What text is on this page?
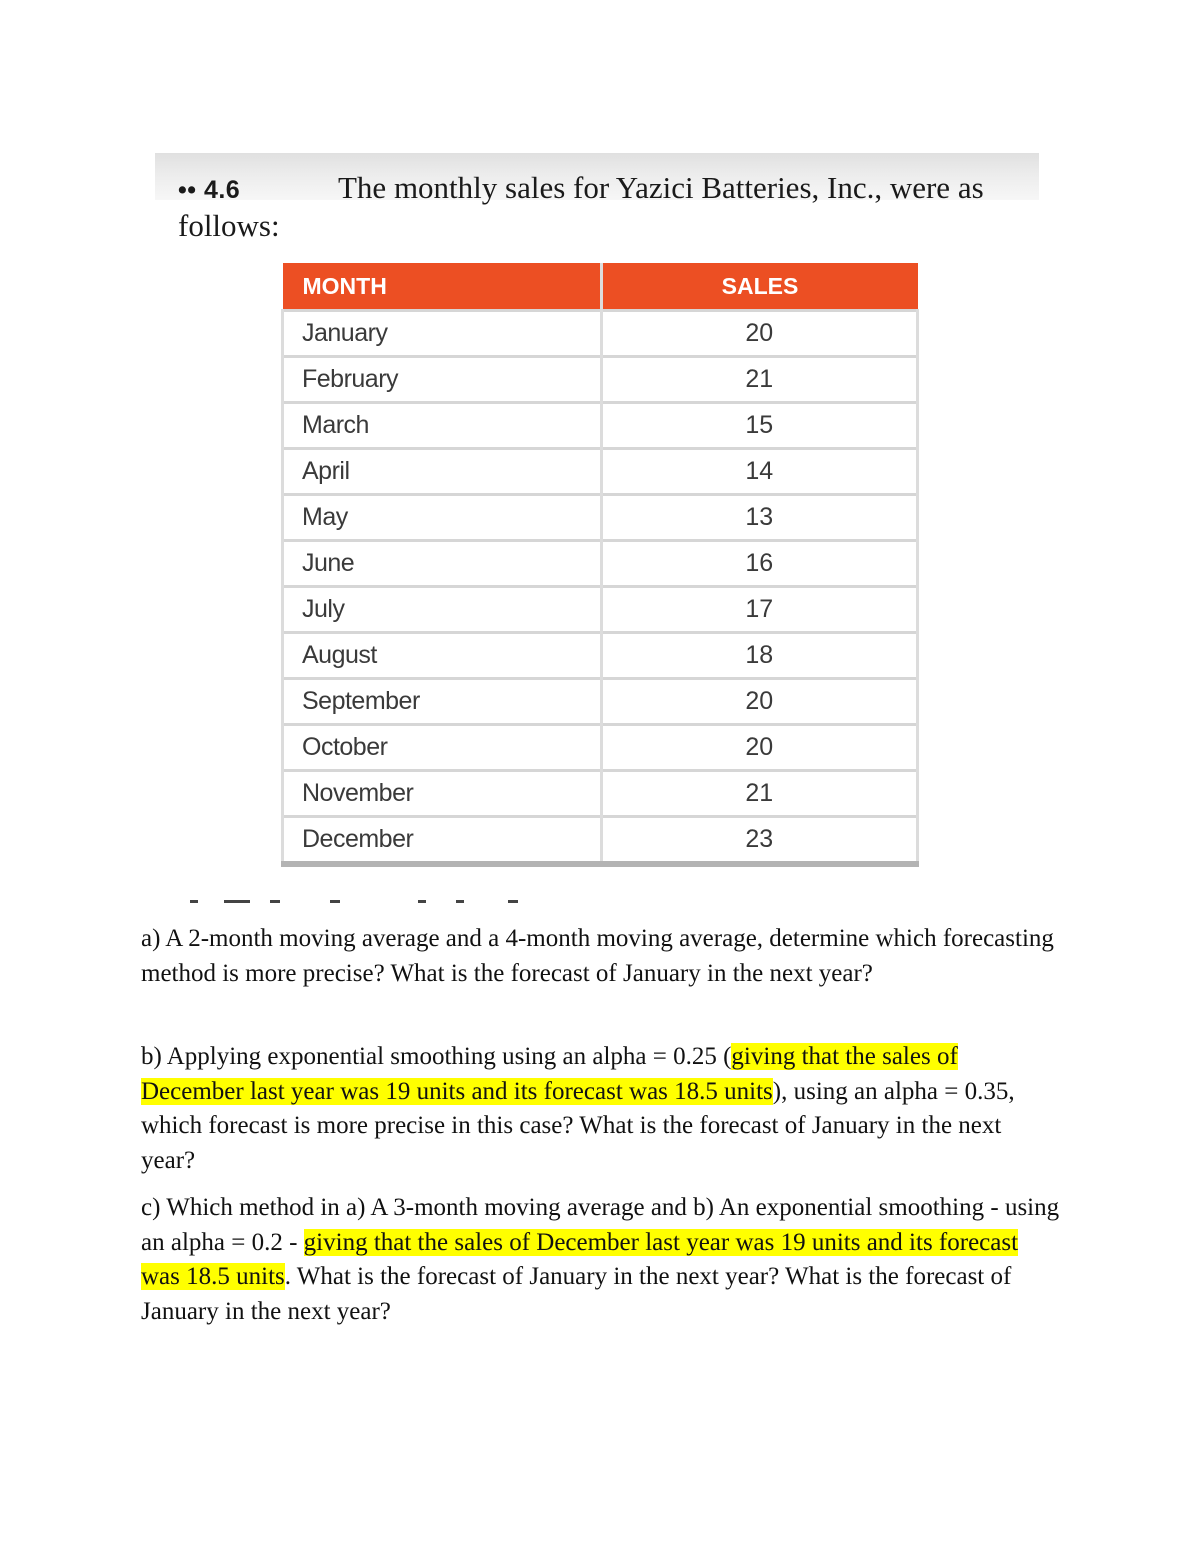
•• 4.6	The monthly sales for Yazici Batteries, Inc., were as
follows:
MONTH	SALES
January	20
February	21
March	15
April	14
May	13
June	16
July	17
August	18
September	20
October	20
November	21
December	23

a) A 2-month moving average and a 4-month moving average, determine which forecasting method is more precise? What is the forecast of January in the next year?

b) Applying exponential smoothing using an alpha = 0.25 (giving that the sales of December last year was 19 units and its forecast was 18.5 units), using an alpha = 0.35, which forecast is more precise in this case? What is the forecast of January in the next year?

c) Which method in a) A 3-month moving average and b) An exponential smoothing - using an alpha = 0.2 - giving that the sales of December last year was 19 units and its forecast was 18.5 units. What is the forecast of January in the next year? What is the forecast of January in the next year?
